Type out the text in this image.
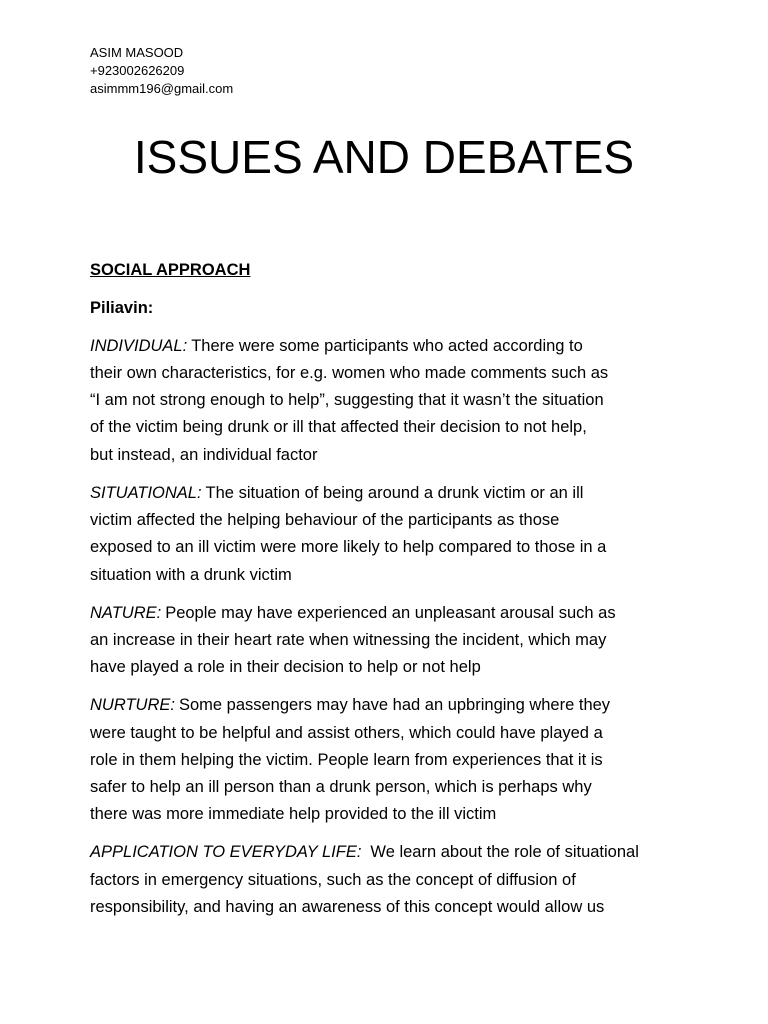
ASIM MASOOD
+923002626209
asimmm196@gmail.com
ISSUES AND DEBATES
SOCIAL APPROACH
Piliavin:
INDIVIDUAL: There were some participants who acted according to
their own characteristics, for e.g. women who made comments such as
“I am not strong enough to help”, suggesting that it wasn’t the situation
of the victim being drunk or ill that affected their decision to not help,
but instead, an individual factor
SITUATIONAL: The situation of being around a drunk victim or an ill
victim affected the helping behaviour of the participants as those
exposed to an ill victim were more likely to help compared to those in a
situation with a drunk victim
NATURE: People may have experienced an unpleasant arousal such as
an increase in their heart rate when witnessing the incident, which may
have played a role in their decision to help or not help
NURTURE: Some passengers may have had an upbringing where they
were taught to be helpful and assist others, which could have played a
role in them helping the victim. People learn from experiences that it is
safer to help an ill person than a drunk person, which is perhaps why
there was more immediate help provided to the ill victim
APPLICATION TO EVERYDAY LIFE: We learn about the role of situational
factors in emergency situations, such as the concept of diffusion of
responsibility, and having an awareness of this concept would allow us
